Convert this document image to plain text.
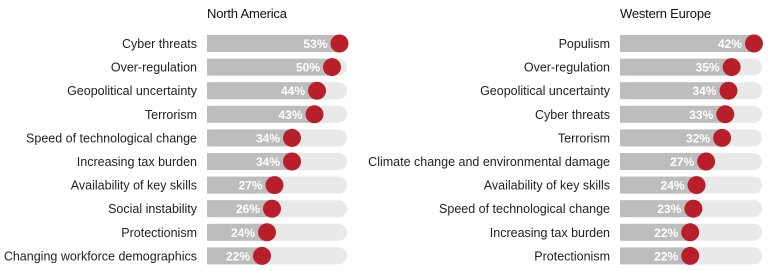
North America	Western Europe
53%
Cyber threats
50%
Over-regulation
44%
Geopolitical uncertainty
43%
Terrorism
34%
Speed of technological change
34%
Increasing tax burden
27%
Availability of key skills
26%
Social instability
24%
Protectionism
22%
Changing workforce demographics
42%
Populism
35%
Over-regulation
34%
Geopolitical uncertainty
33%
Cyber threats
32%
Terrorism
27%
Climate change and environmental damage
24%
Availability of key skills
23%
Speed of technological change
22%
Increasing tax burden
22%
Protectionism
